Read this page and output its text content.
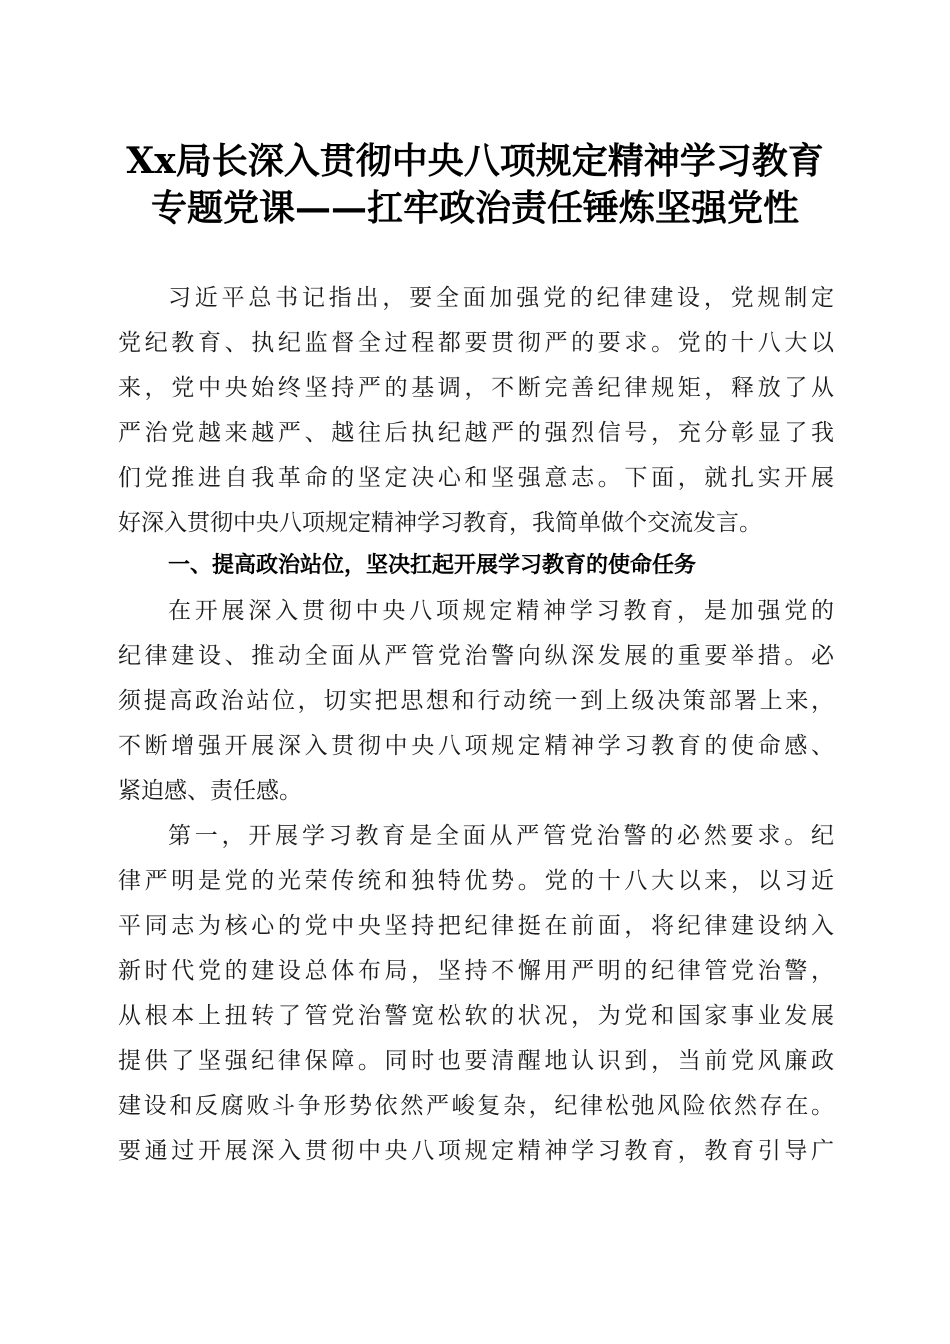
Xx局长深入贯彻中央八项规定精神学习教育
专题党课——扛牢政治责任锤炼坚强党性
习近平总书记指出，要全面加强党的纪律建设，党规制定
党纪教育、执纪监督全过程都要贯彻严的要求。党的十八大以
来，党中央始终坚持严的基调，不断完善纪律规矩，释放了从
严治党越来越严、越往后执纪越严的强烈信号，充分彰显了我
们党推进自我革命的坚定决心和坚强意志。下面，就扎实开展
好深入贯彻中央八项规定精神学习教育，我简单做个交流发言。
一、提高政治站位，坚决扛起开展学习教育的使命任务
在开展深入贯彻中央八项规定精神学习教育，是加强党的
纪律建设、推动全面从严管党治警向纵深发展的重要举措。必
须提高政治站位，切实把思想和行动统一到上级决策部署上来，
不断增强开展深入贯彻中央八项规定精神学习教育的使命感、
紧迫感、责任感。
第一，开展学习教育是全面从严管党治警的必然要求。纪
律严明是党的光荣传统和独特优势。党的十八大以来，以习近
平同志为核心的党中央坚持把纪律挺在前面，将纪律建设纳入
新时代党的建设总体布局，坚持不懈用严明的纪律管党治警，
从根本上扭转了管党治警宽松软的状况，为党和国家事业发展
提供了坚强纪律保障。同时也要清醒地认识到，当前党风廉政
建设和反腐败斗争形势依然严峻复杂，纪律松弛风险依然存在。
要通过开展深入贯彻中央八项规定精神学习教育，教育引导广
